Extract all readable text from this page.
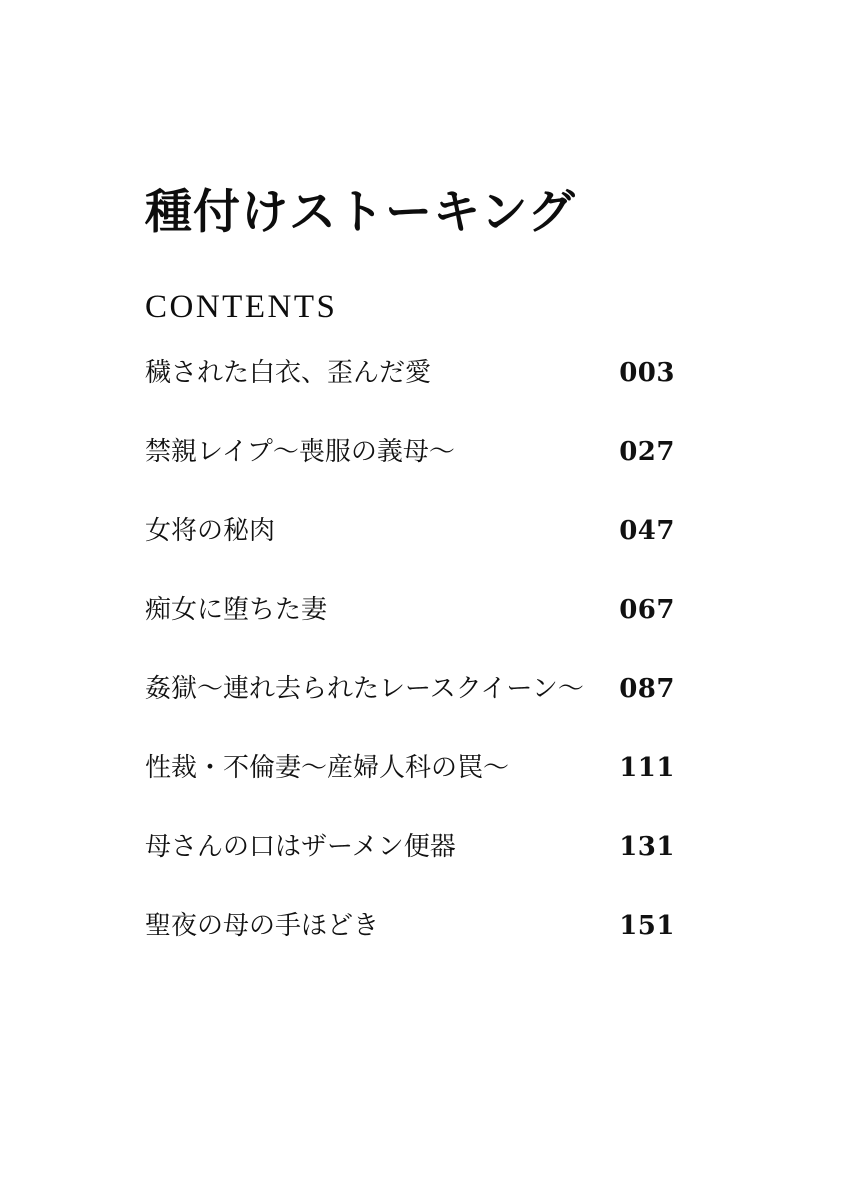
種付けストーキング
CONTENTS
穢された白衣、歪んだ愛	003
禁親レイプ〜喪服の義母〜	027
女将の秘肉	047
痴女に堕ちた妻	067
姦獄〜連れ去られたレースクイーン〜 087
性裁・不倫妻〜産婦人科の罠〜	111
母さんの口はザーメン便器	131
聖夜の母の手ほどき	151
